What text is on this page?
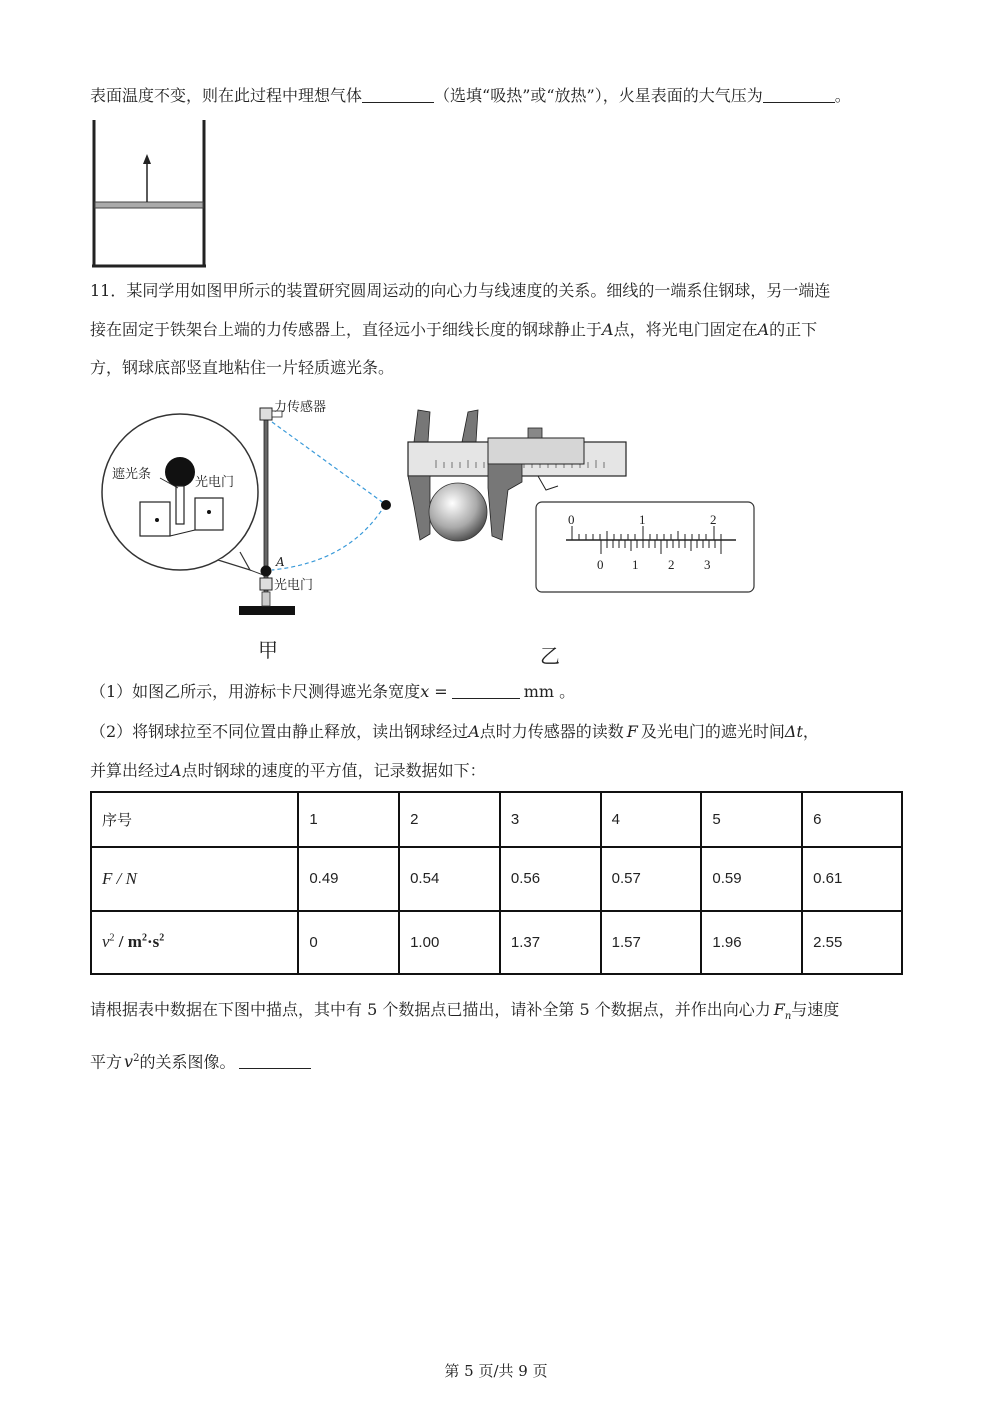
表面温度不变，则在此过程中理想气体	（选填“吸热”或“放热”），火星表面的大气压为	。
11．某同学用如图甲所示的装置研究圆周运动的向心力与线速度的关系。细线的一端系住钢球，另一端连
接在固定于铁架台上端的力传感器上，直径远小于细线长度的钢球静止于A点，将光电门固定在A的正下
方，钢球底部竖直地粘住一片轻质遮光条。
遮光条
光电门
力传感器
光电门
A
甲
0	1	2
0 1 2 3
乙
（1）如图乙所示，用游标卡尺测得遮光条宽度x =	mm 。
（2）将钢球拉至不同位置由静止释放，读出钢球经过A点时力传感器的读数 F 及光电门的遮光时间Δt，
并算出经过A点时钢球的速度的平方值，记录数据如下：
序号	1	2	3	4	5	6
F / N	0.49	0.54	0.56	0.57	0.59	0.61
$v^2 / m^2\cdot s^2$	0	1.00	1.37	1.57	1.96	2.55
请根据表中数据在下图中描点，其中有 5 个数据点已描出，请补全第 5 个数据点，并作出向心力 $F_n$与速度
平方 $v^2$的关系图像。
第 5 页/共 9 页
